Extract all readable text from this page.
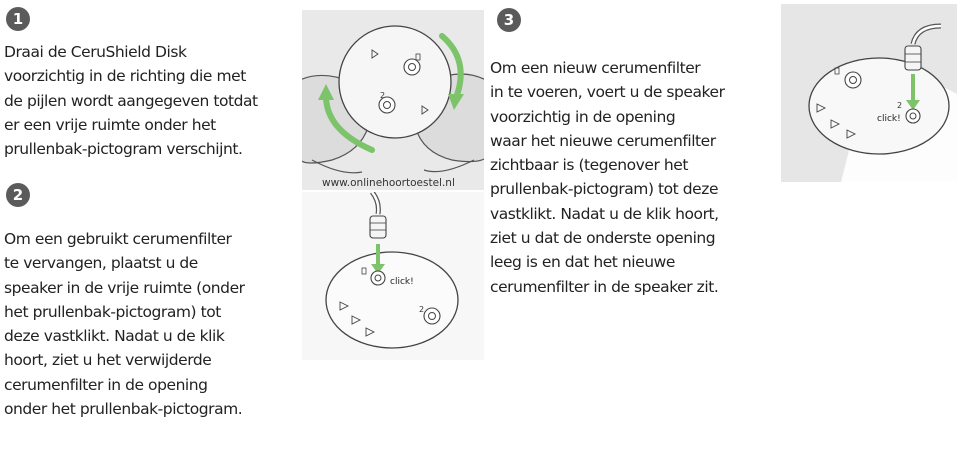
1
Draai de CeruShield Disk
voorzichtig in de richting die met
de pijlen wordt aangegeven totdat
er een vrije ruimte onder het
prullenbak-pictogram verschijnt.
2
Om een gebruikt cerumenfilter
te vervangen, plaatst u de
speaker in de vrije ruimte (onder
het prullenbak-pictogram) tot
deze vastklikt. Nadat u de klik
hoort, ziet u het verwijderde
cerumenfilter in de opening
onder het prullenbak-pictogram.
2
www.onlinehoortoestel.nl
click!
2
3
Om een nieuw cerumenfilter
in te voeren, voert u de speaker
voorzichtig in de opening
waar het nieuwe cerumenfilter
zichtbaar is (tegenover het
prullenbak-pictogram) tot deze
vastklikt. Nadat u de klik hoort,
ziet u dat de onderste opening
leeg is en dat het nieuwe
cerumenfilter in de speaker zit.
click!
2
